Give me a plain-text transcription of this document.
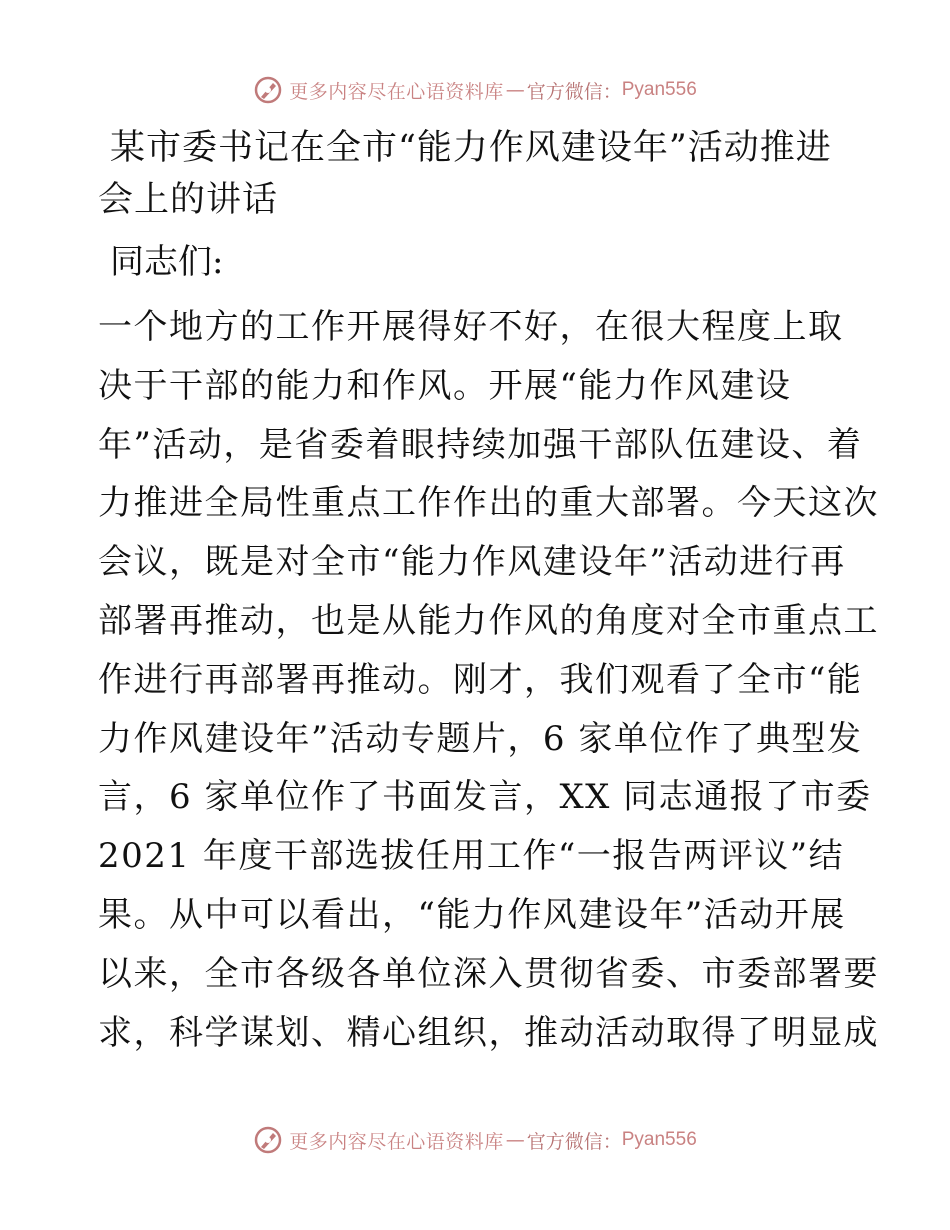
更多内容尽在心语资料库 — 官方微信： Pyan556
某市委书记在全市“能力作风建设年”活动推进
会上的讲话

同志们:

一个地方的工作开展得好不好，在很大程度上取
决于干部的能力和作风。开展“能力作风建设
年”活动，是省委着眼持续加强干部队伍建设、着
力推进全局性重点工作作出的重大部署。今天这次
会议，既是对全市“能力作风建设年”活动进行再
部署再推动，也是从能力作风的角度对全市重点工
作进行再部署再推动。刚才，我们观看了全市“能
力作风建设年”活动专题片，6 家单位作了典型发
言，6 家单位作了书面发言，XX 同志通报了市委
2021 年度干部选拔任用工作“一报告两评议”结
果。从中可以看出，“能力作风建设年”活动开展
以来，全市各级各单位深入贯彻省委、市委部署要
求，科学谋划、精心组织，推动活动取得了明显成

更多内容尽在心语资料库 — 官方微信： Pyan556
